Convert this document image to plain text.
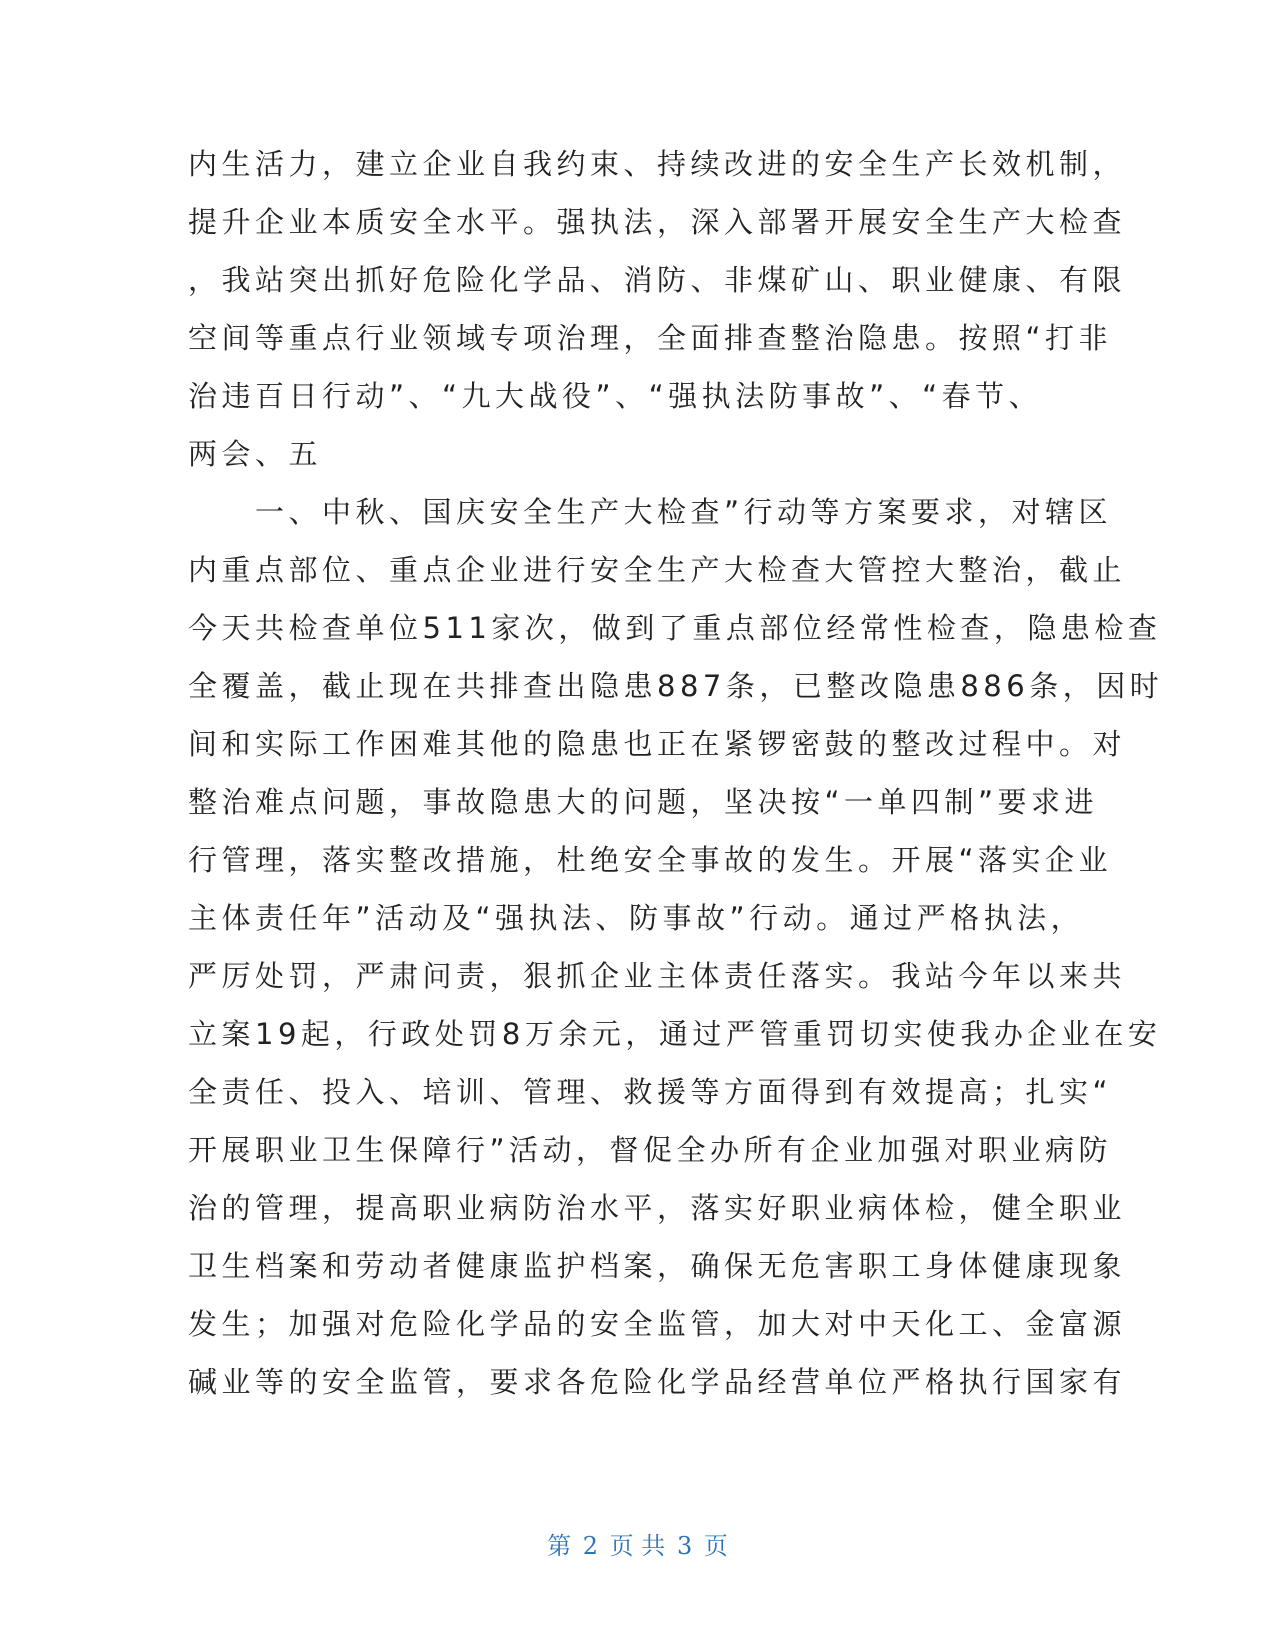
内生活力，建立企业自我约束、持续改进的安全生产长效机制，
提升企业本质安全水平。强执法，深入部署开展安全生产大检查
，我站突出抓好危险化学品、消防、非煤矿山、职业健康、有限
空间等重点行业领域专项治理，全面排查整治隐患。按照“打非
治违百日行动”、“九大战役”、“强执法防事故”、“春节、
两会、五
　　一、中秋、国庆安全生产大检查”行动等方案要求，对辖区
内重点部位、重点企业进行安全生产大检查大管控大整治，截止
今天共检查单位511家次，做到了重点部位经常性检查，隐患检查
全覆盖，截止现在共排查出隐患887条，已整改隐患886条，因时
间和实际工作困难其他的隐患也正在紧锣密鼓的整改过程中。对
整治难点问题，事故隐患大的问题，坚决按“一单四制”要求进
行管理，落实整改措施，杜绝安全事故的发生。开展“落实企业
主体责任年”活动及“强执法、防事故”行动。通过严格执法，
严厉处罚，严肃问责，狠抓企业主体责任落实。我站今年以来共
立案19起，行政处罚8万余元，通过严管重罚切实使我办企业在安
全责任、投入、培训、管理、救援等方面得到有效提高；扎实“
开展职业卫生保障行”活动，督促全办所有企业加强对职业病防
治的管理，提高职业病防治水平，落实好职业病体检，健全职业
卫生档案和劳动者健康监护档案，确保无危害职工身体健康现象
发生；加强对危险化学品的安全监管，加大对中天化工、金富源
碱业等的安全监管，要求各危险化学品经营单位严格执行国家有
第 2 页 共 3 页
